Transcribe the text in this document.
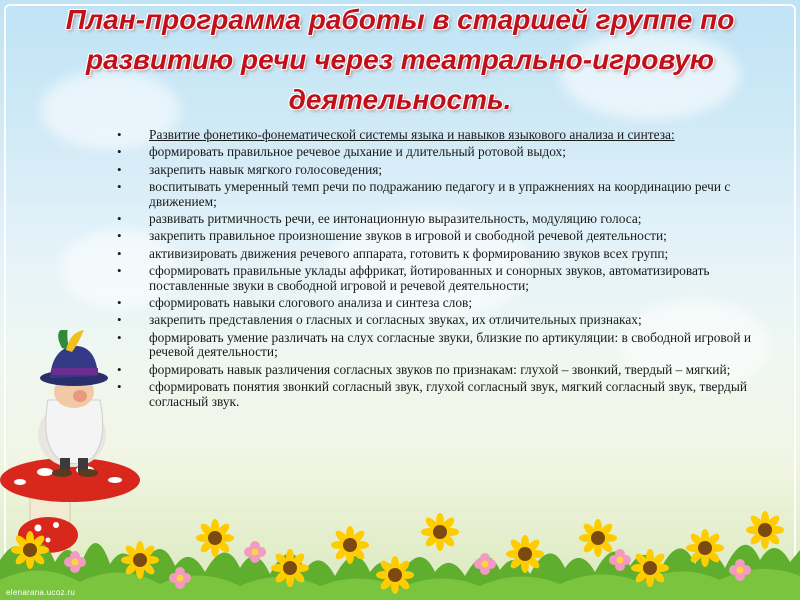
План-программа работы в старшей группе по развитию речи через театрально-игровую деятельность.
• Развитие фонетико-фонематической системы языка и навыков языкового анализа и синтеза:
• формировать правильное речевое дыхание и длительный ротовой выдох;
• закрепить навык мягкого голосоведения;
• воспитывать умеренный темп речи по подражанию педагогу и в упражнениях на координацию речи с движением;
• развивать ритмичность речи, ее интонационную выразительность, модуляцию голоса;
• закрепить правильное произношение звуков в игровой и свободной речевой деятельности;
• активизировать движения речевого аппарата, готовить к формированию звуков всех групп;
• сформировать правильные уклады аффрикат, йотированных и сонорных звуков, автоматизировать поставленные звуки в свободной игровой и речевой деятельности;
• сформировать навыки слогового анализа и синтеза слов;
• закрепить представления о гласных и согласных звуках, их отличительных признаках;
• формировать умение различать на слух согласные звуки, близкие по артикуляции: в свободной игровой и речевой деятельности;
• формировать навык различения согласных звуков по признакам: глухой – звонкий, твердый – мягкий;
• сформировать понятия звонкий согласный звук, глухой согласный звук, мягкий согласный звук, твердый согласный звук.
elenarana.ucoz.ru
